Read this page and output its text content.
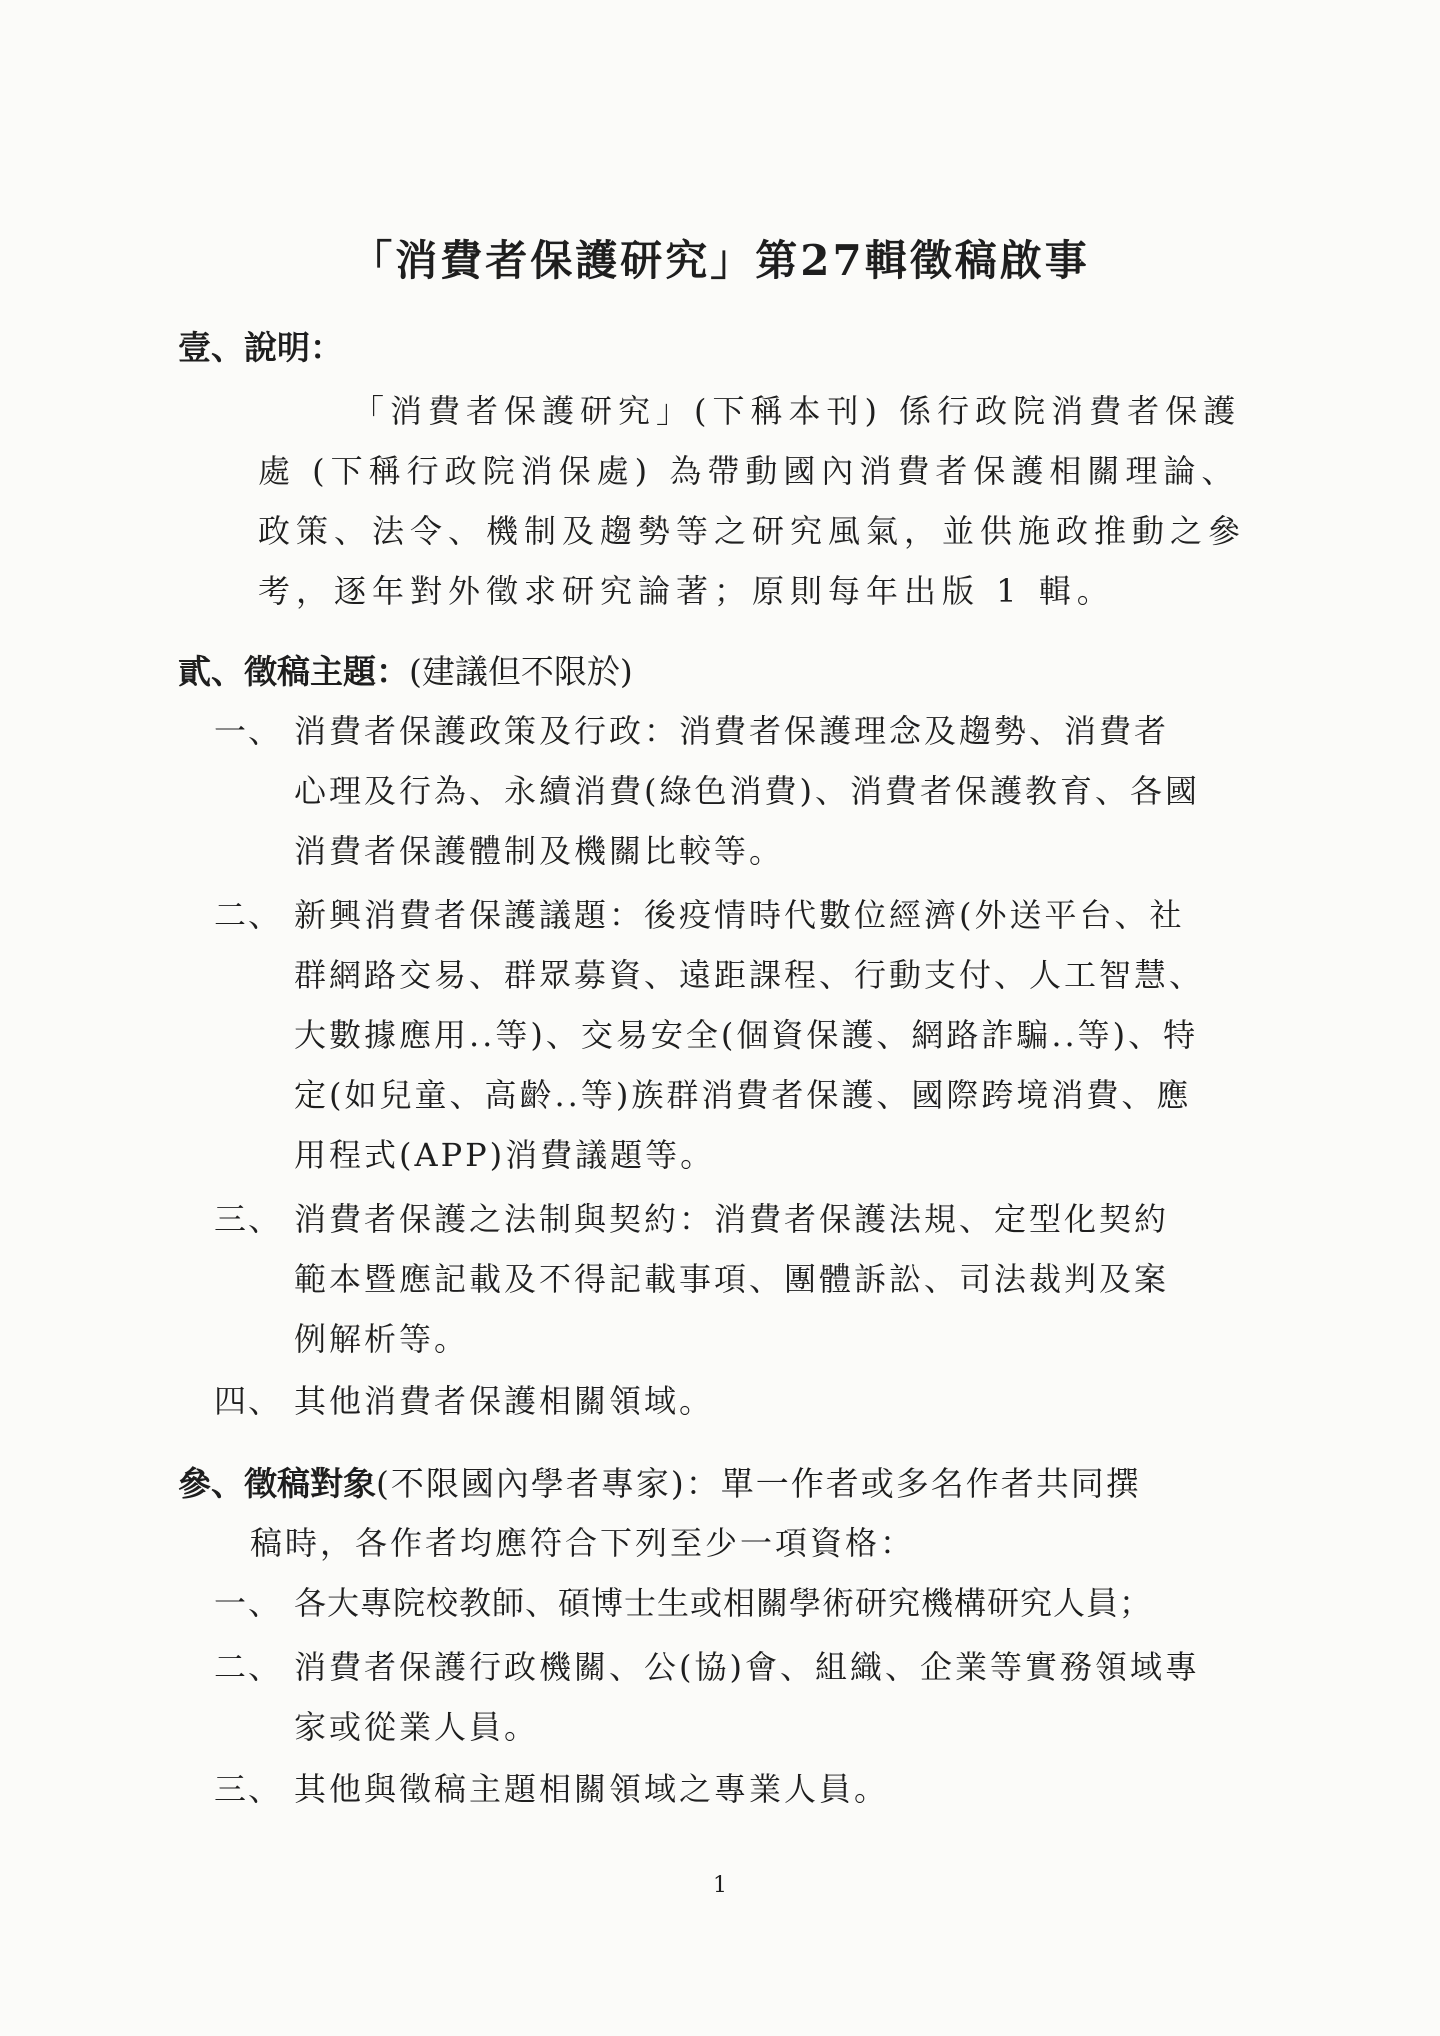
「消費者保護研究」第27輯徵稿啟事
壹、說明：
「消費者保護研究」(下稱本刊) 係行政院消費者保護
處 (下稱行政院消保處) 為帶動國內消費者保護相關理論、
政策、法令、機制及趨勢等之研究風氣，並供施政推動之參
考，逐年對外徵求研究論著；原則每年出版 1 輯。
貳、徵稿主題：(建議但不限於)
一、 消費者保護政策及行政：消費者保護理念及趨勢、消費者
心理及行為、永續消費(綠色消費)、消費者保護教育、各國
消費者保護體制及機關比較等。
二、 新興消費者保護議題：後疫情時代數位經濟(外送平台、社
群網路交易、群眾募資、遠距課程、行動支付、人工智慧、
大數據應用..等)、交易安全(個資保護、網路詐騙..等)、特
定(如兒童、高齡..等)族群消費者保護、國際跨境消費、應
用程式(APP)消費議題等。
三、 消費者保護之法制與契約：消費者保護法規、定型化契約
範本暨應記載及不得記載事項、團體訴訟、司法裁判及案
例解析等。
四、 其他消費者保護相關領域。
參、徵稿對象(不限國內學者專家)：單一作者或多名作者共同撰
稿時，各作者均應符合下列至少一項資格：
一、 各大專院校教師、碩博士生或相關學術研究機構研究人員；
二、 消費者保護行政機關、公(協)會、組織、企業等實務領域專
家或從業人員。
三、 其他與徵稿主題相關領域之專業人員。
1
